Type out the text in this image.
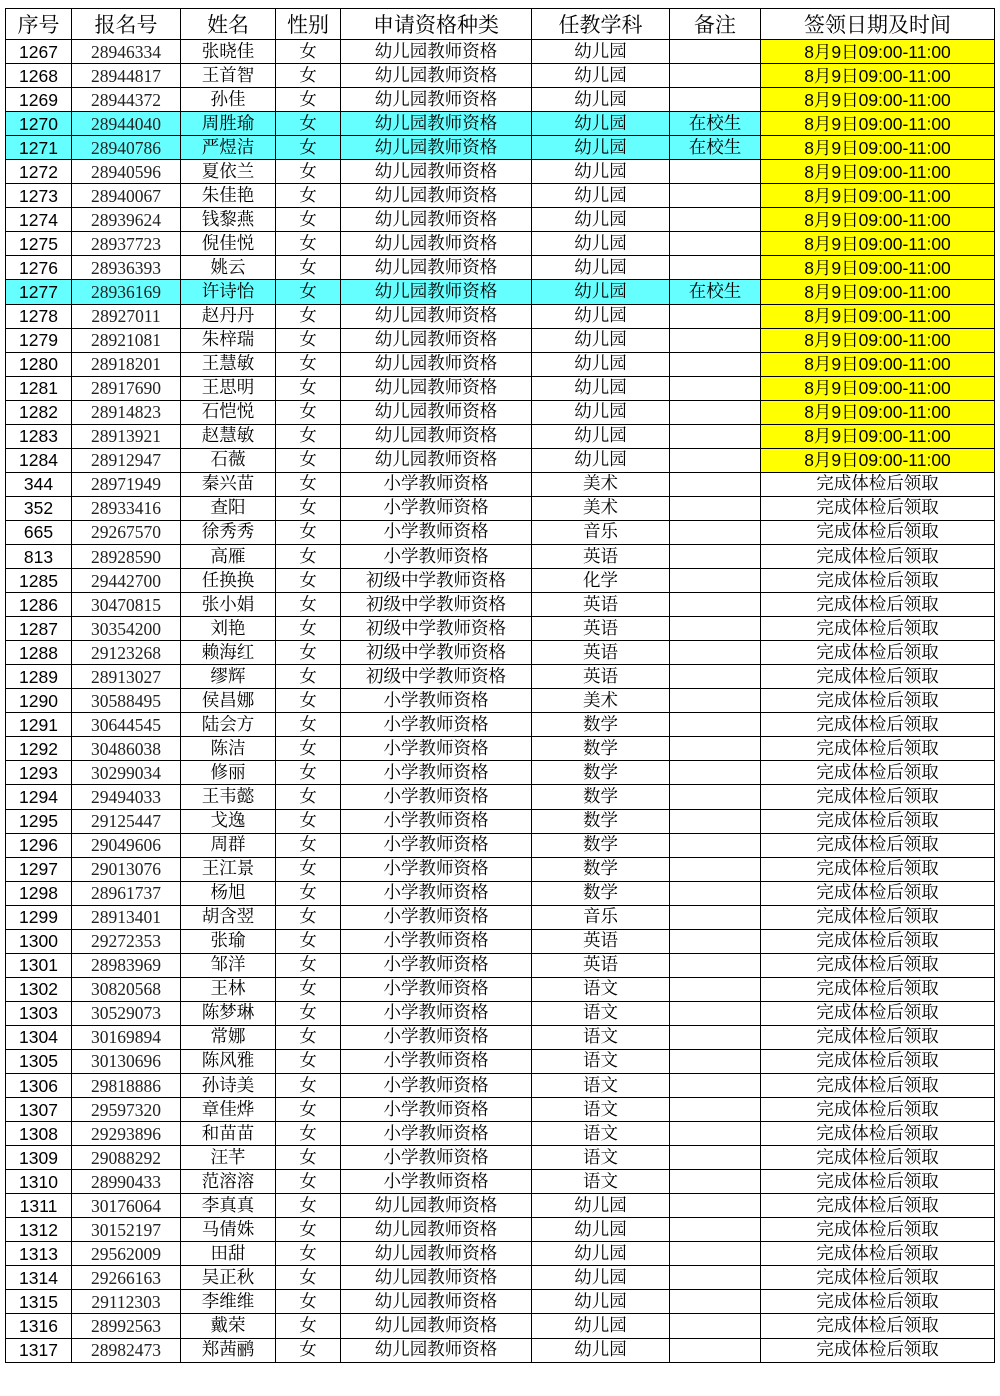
序号	报名号	姓名	性别	申请资格种类	任教学科	备注	签领日期及时间
1267	28946334	张晓佳	女	幼儿园教师资格	幼儿园		8月9日09:00-11:00
1268	28944817	王首智	女	幼儿园教师资格	幼儿园		8月9日09:00-11:00
1269	28944372	孙佳	女	幼儿园教师资格	幼儿园		8月9日09:00-11:00
1270	28944040	周胜瑜	女	幼儿园教师资格	幼儿园	在校生	8月9日09:00-11:00
1271	28940786	严煜洁	女	幼儿园教师资格	幼儿园	在校生	8月9日09:00-11:00
1272	28940596	夏依兰	女	幼儿园教师资格	幼儿园		8月9日09:00-11:00
1273	28940067	朱佳艳	女	幼儿园教师资格	幼儿园		8月9日09:00-11:00
1274	28939624	钱黎燕	女	幼儿园教师资格	幼儿园		8月9日09:00-11:00
1275	28937723	倪佳悦	女	幼儿园教师资格	幼儿园		8月9日09:00-11:00
1276	28936393	姚云	女	幼儿园教师资格	幼儿园		8月9日09:00-11:00
1277	28936169	许诗怡	女	幼儿园教师资格	幼儿园	在校生	8月9日09:00-11:00
1278	28927011	赵丹丹	女	幼儿园教师资格	幼儿园		8月9日09:00-11:00
1279	28921081	朱梓瑞	女	幼儿园教师资格	幼儿园		8月9日09:00-11:00
1280	28918201	王慧敏	女	幼儿园教师资格	幼儿园		8月9日09:00-11:00
1281	28917690	王思明	女	幼儿园教师资格	幼儿园		8月9日09:00-11:00
1282	28914823	石恺悦	女	幼儿园教师资格	幼儿园		8月9日09:00-11:00
1283	28913921	赵慧敏	女	幼儿园教师资格	幼儿园		8月9日09:00-11:00
1284	28912947	石薇	女	幼儿园教师资格	幼儿园		8月9日09:00-11:00
344	28971949	秦兴苗	女	小学教师资格	美术		完成体检后领取
352	28933416	查阳	女	小学教师资格	美术		完成体检后领取
665	29267570	徐秀秀	女	小学教师资格	音乐		完成体检后领取
813	28928590	高雁	女	小学教师资格	英语		完成体检后领取
1285	29442700	任换换	女	初级中学教师资格	化学		完成体检后领取
1286	30470815	张小娟	女	初级中学教师资格	英语		完成体检后领取
1287	30354200	刘艳	女	初级中学教师资格	英语		完成体检后领取
1288	29123268	赖海红	女	初级中学教师资格	英语		完成体检后领取
1289	28913027	缪辉	女	初级中学教师资格	英语		完成体检后领取
1290	30588495	侯昌娜	女	小学教师资格	美术		完成体检后领取
1291	30644545	陆会方	女	小学教师资格	数学		完成体检后领取
1292	30486038	陈洁	女	小学教师资格	数学		完成体检后领取
1293	30299034	修丽	女	小学教师资格	数学		完成体检后领取
1294	29494033	王韦懿	女	小学教师资格	数学		完成体检后领取
1295	29125447	戈逸	女	小学教师资格	数学		完成体检后领取
1296	29049606	周群	女	小学教师资格	数学		完成体检后领取
1297	29013076	王江景	女	小学教师资格	数学		完成体检后领取
1298	28961737	杨旭	女	小学教师资格	数学		完成体检后领取
1299	28913401	胡含翌	女	小学教师资格	音乐		完成体检后领取
1300	29272353	张瑜	女	小学教师资格	英语		完成体检后领取
1301	28983969	邹洋	女	小学教师资格	英语		完成体检后领取
1302	30820568	王林	女	小学教师资格	语文		完成体检后领取
1303	30529073	陈梦琳	女	小学教师资格	语文		完成体检后领取
1304	30169894	常娜	女	小学教师资格	语文		完成体检后领取
1305	30130696	陈风雅	女	小学教师资格	语文		完成体检后领取
1306	29818886	孙诗美	女	小学教师资格	语文		完成体检后领取
1307	29597320	章佳烨	女	小学教师资格	语文		完成体检后领取
1308	29293896	和苗苗	女	小学教师资格	语文		完成体检后领取
1309	29088292	汪芊	女	小学教师资格	语文		完成体检后领取
1310	28990433	范溶溶	女	小学教师资格	语文		完成体检后领取
1311	30176064	李真真	女	幼儿园教师资格	幼儿园		完成体检后领取
1312	30152197	马倩姝	女	幼儿园教师资格	幼儿园		完成体检后领取
1313	29562009	田甜	女	幼儿园教师资格	幼儿园		完成体检后领取
1314	29266163	吴正秋	女	幼儿园教师资格	幼儿园		完成体检后领取
1315	29112303	李维维	女	幼儿园教师资格	幼儿园		完成体检后领取
1316	28992563	戴荣	女	幼儿园教师资格	幼儿园		完成体检后领取
1317	28982473	郑茜鹂	女	幼儿园教师资格	幼儿园		完成体检后领取
